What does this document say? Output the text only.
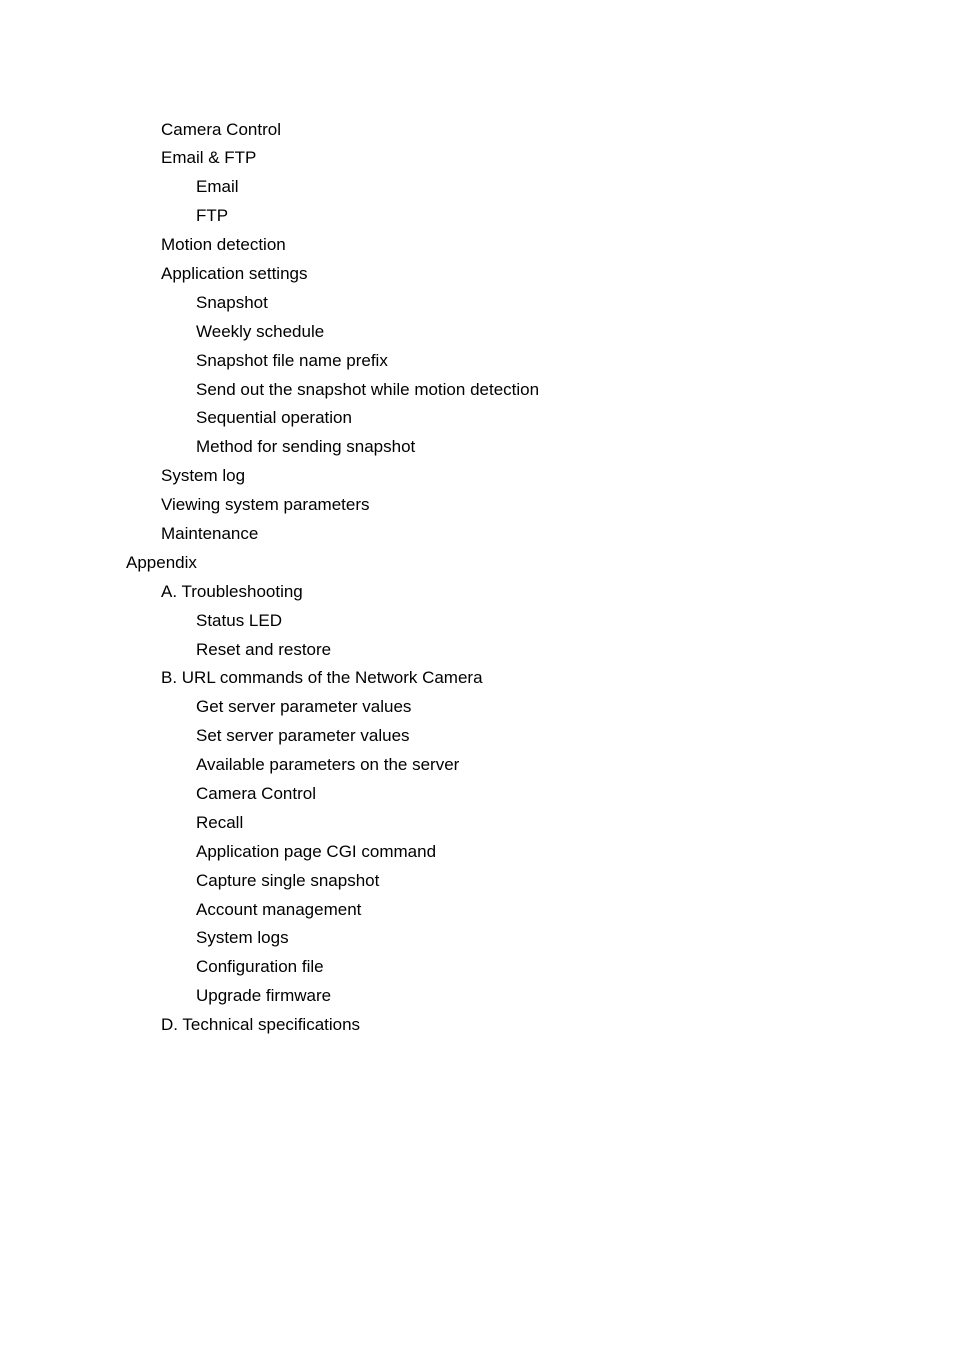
Camera Control
Email & FTP
Email
FTP
Motion detection
Application settings
Snapshot
Weekly schedule
Snapshot file name prefix
Send out the snapshot while motion detection
Sequential operation
Method for sending snapshot
System log
Viewing system parameters
Maintenance
Appendix
A. Troubleshooting
Status LED
Reset and restore
B. URL commands of the Network Camera
Get server parameter values
Set server parameter values
Available parameters on the server
Camera Control
Recall
Application page CGI command
Capture single snapshot
Account management
System logs
Configuration file
Upgrade firmware
D. Technical specifications
